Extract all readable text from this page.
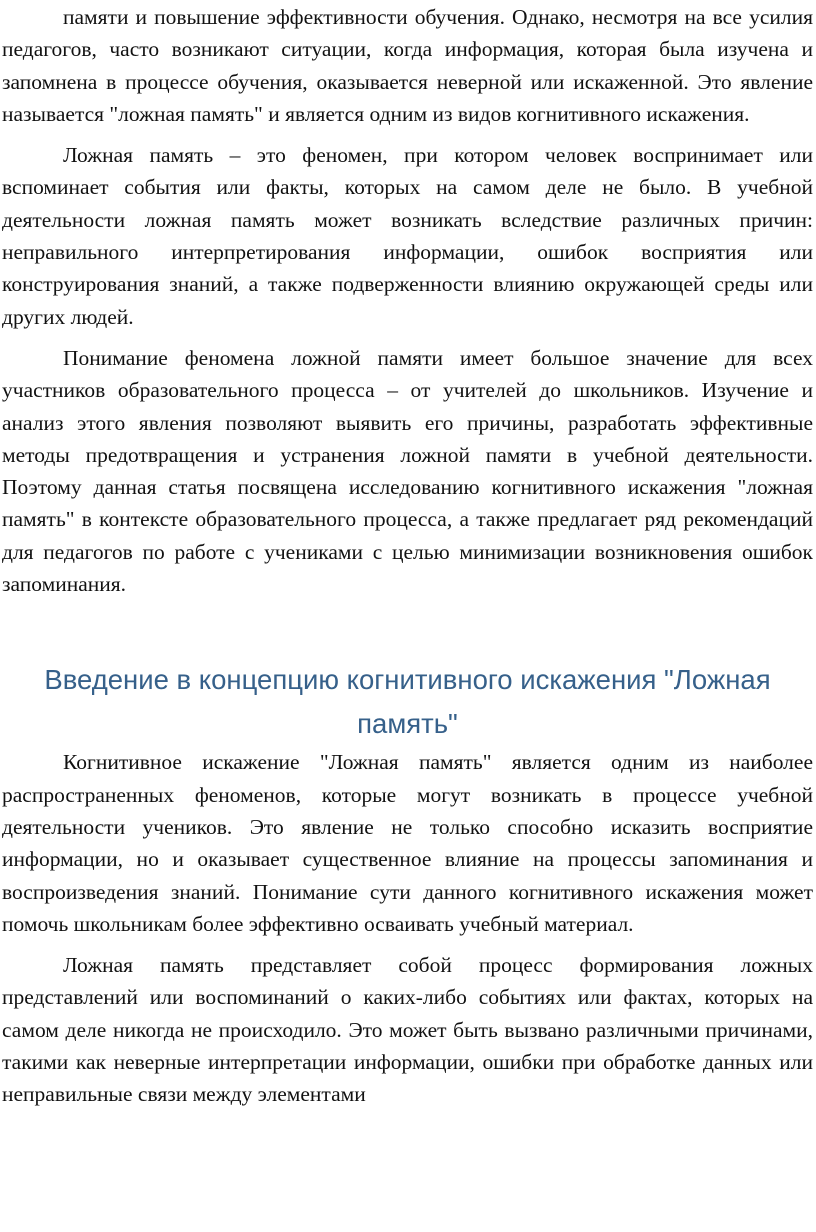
памяти и повышение эффективности обучения. Однако, несмотря на все усилия педагогов, часто возникают ситуации, когда информация, которая была изучена и запомнена в процессе обучения, оказывается неверной или искаженной. Это явление называется "ложная память" и является одним из видов когнитивного искажения.

Ложная память – это феномен, при котором человек воспринимает или вспоминает события или факты, которых на самом деле не было. В учебной деятельности ложная память может возникать вследствие различных причин: неправильного интерпретирования информации, ошибок восприятия или конструирования знаний, а также подверженности влиянию окружающей среды или других людей.

Понимание феномена ложной памяти имеет большое значение для всех участников образовательного процесса – от учителей до школьников. Изучение и анализ этого явления позволяют выявить его причины, разработать эффективные методы предотвращения и устранения ложной памяти в учебной деятельности. Поэтому данная статья посвящена исследованию когнитивного искажения "ложная память" в контексте образовательного процесса, а также предлагает ряд рекомендаций для педагогов по работе с учениками с целью минимизации возникновения ошибок запоминания.

Введение в концепцию когнитивного искажения "Ложная память"

Когнитивное искажение "Ложная память" является одним из наиболее распространенных феноменов, которые могут возникать в процессе учебной деятельности учеников. Это явление не только способно исказить восприятие информации, но и оказывает существенное влияние на процессы запоминания и воспроизведения знаний. Понимание сути данного когнитивного искажения может помочь школьникам более эффективно осваивать учебный материал.

Ложная память представляет собой процесс формирования ложных представлений или воспоминаний о каких-либо событиях или фактах, которых на самом деле никогда не происходило. Это может быть вызвано различными причинами, такими как неверные интерпретации информации, ошибки при обработке данных или неправильные связи между элементами
